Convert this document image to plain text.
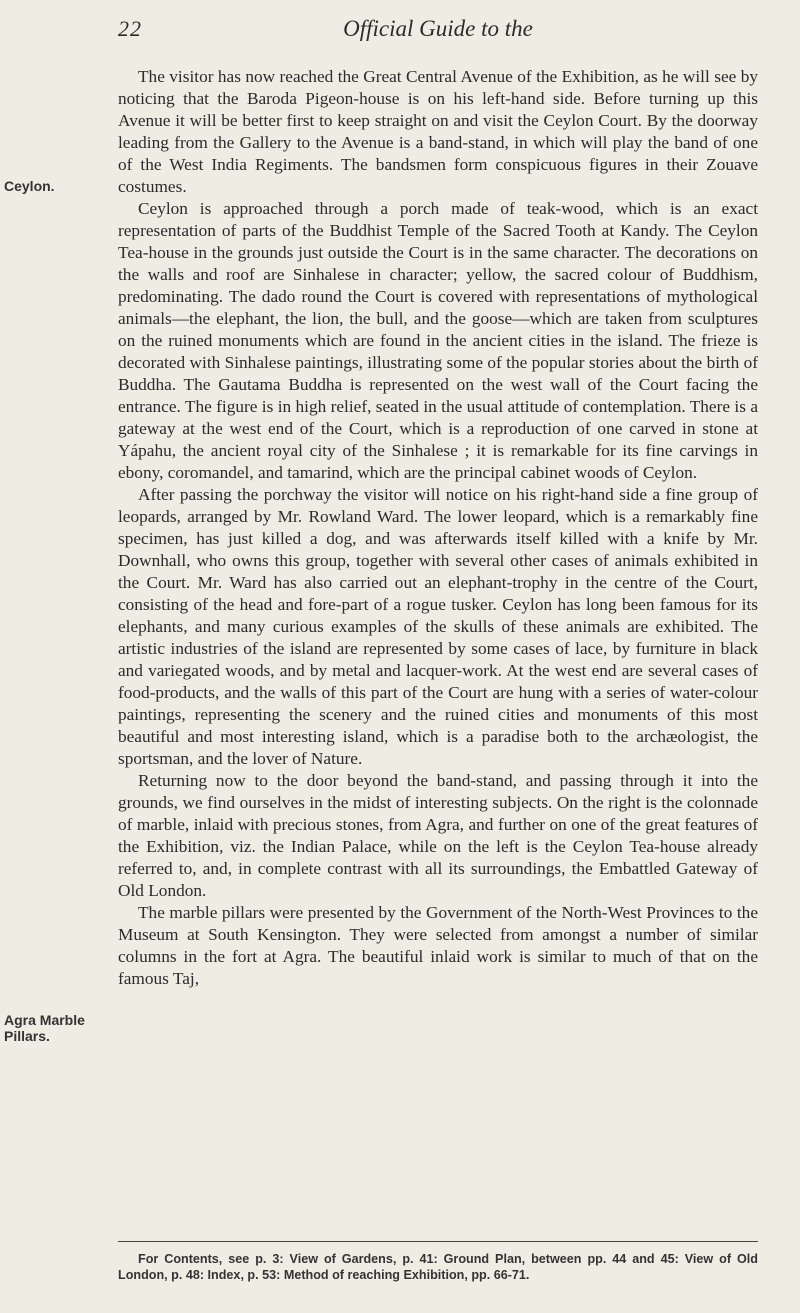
22	Official Guide to the
Ceylon.
Agra Marble Pillars.

The visitor has now reached the Great Central Avenue of the Exhibition, as he will see by noticing that the Baroda Pigeon-house is on his left-hand side. Before turning up this Avenue it will be better first to keep straight on and visit the Ceylon Court. By the doorway leading from the Gallery to the Avenue is a band-stand, in which will play the band of one of the West India Regiments. The bandsmen form conspicuous figures in their Zouave costumes.

Ceylon is approached through a porch made of teak-wood, which is an exact representation of parts of the Buddhist Temple of the Sacred Tooth at Kandy. The Ceylon Tea-house in the grounds just outside the Court is in the same character. The decorations on the walls and roof are Sinhalese in character; yellow, the sacred colour of Buddhism, predominating. The dado round the Court is covered with representations of mythological animals—the elephant, the lion, the bull, and the goose—which are taken from sculptures on the ruined monuments which are found in the ancient cities in the island. The frieze is decorated with Sinhalese paintings, illustrating some of the popular stories about the birth of Buddha. The Gautama Buddha is represented on the west wall of the Court facing the entrance. The figure is in high relief, seated in the usual attitude of contemplation. There is a gateway at the west end of the Court, which is a reproduction of one carved in stone at Yápahu, the ancient royal city of the Sinhalese ; it is remarkable for its fine carvings in ebony, coromandel, and tamarind, which are the principal cabinet woods of Ceylon.

After passing the porchway the visitor will notice on his right-hand side a fine group of leopards, arranged by Mr. Rowland Ward. The lower leopard, which is a remarkably fine specimen, has just killed a dog, and was afterwards itself killed with a knife by Mr. Downhall, who owns this group, together with several other cases of animals exhibited in the Court. Mr. Ward has also carried out an elephant-trophy in the centre of the Court, consisting of the head and fore-part of a rogue tusker. Ceylon has long been famous for its elephants, and many curious examples of the skulls of these animals are exhibited. The artistic industries of the island are represented by some cases of lace, by furniture in black and variegated woods, and by metal and lacquer-work. At the west end are several cases of food-products, and the walls of this part of the Court are hung with a series of water-colour paintings, representing the scenery and the ruined cities and monuments of this most beautiful and most interesting island, which is a paradise both to the archæologist, the sportsman, and the lover of Nature.

Returning now to the door beyond the band-stand, and passing through it into the grounds, we find ourselves in the midst of interesting subjects. On the right is the colonnade of marble, inlaid with precious stones, from Agra, and further on one of the great features of the Exhibition, viz. the Indian Palace, while on the left is the Ceylon Tea-house already referred to, and, in complete contrast with all its surroundings, the Embattled Gateway of Old London.

The marble pillars were presented by the Government of the North-West Provinces to the Museum at South Kensington. They were selected from amongst a number of similar columns in the fort at Agra. The beautiful inlaid work is similar to much of that on the famous Taj,

For Contents, see p. 3: View of Gardens, p. 41: Ground Plan, between pp. 44 and 45: View of Old London, p. 48: Index, p. 53: Method of reaching Exhibition, pp. 66-71.
